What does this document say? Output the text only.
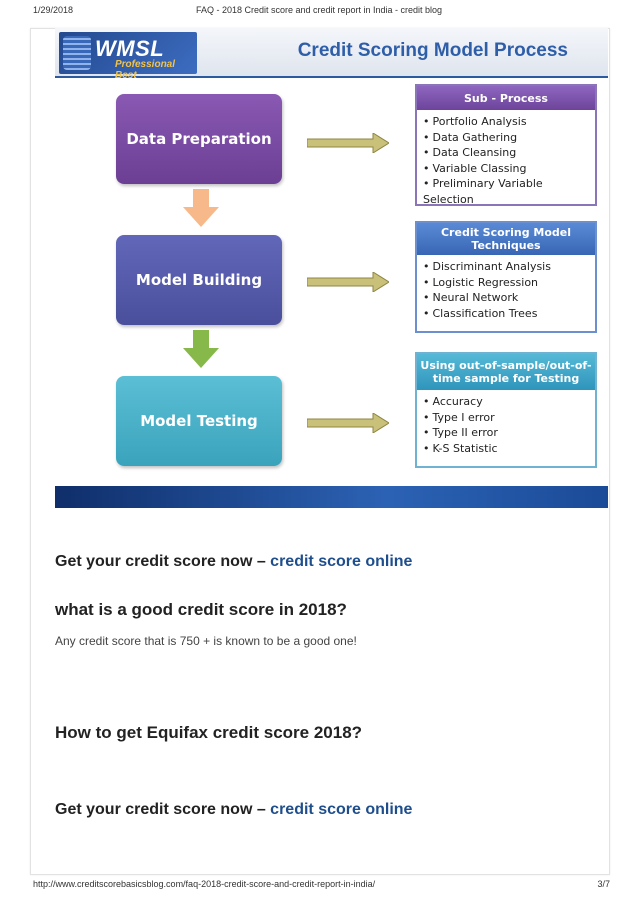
FAQ - 2018 Credit score and credit report in India - credit blog
1/29/2018
WMSL
Professional Best
Credit Scoring Model Process
Data Preparation
Model Building
Model Testing
Sub - Process
• Portfolio Analysis
• Data Gathering
• Data Cleansing
• Variable Classing
• Preliminary Variable Selection
Credit Scoring Model Techniques
• Discriminant Analysis
• Logistic Regression
• Neural Network
• Classification Trees
Using out-of-sample/out-of-time sample for Testing
• Accuracy
• Type I error
• Type II error
• K-S Statistic
Get your credit score now – credit score online
what is a good credit score in 2018?
Any credit score that is 750 + is known to be a good one!
How to get Equifax credit score 2018?
Get your credit score now – credit score online
http://www.creditscorebasicsblog.com/faq-2018-credit-score-and-credit-report-in-india/	3/7
